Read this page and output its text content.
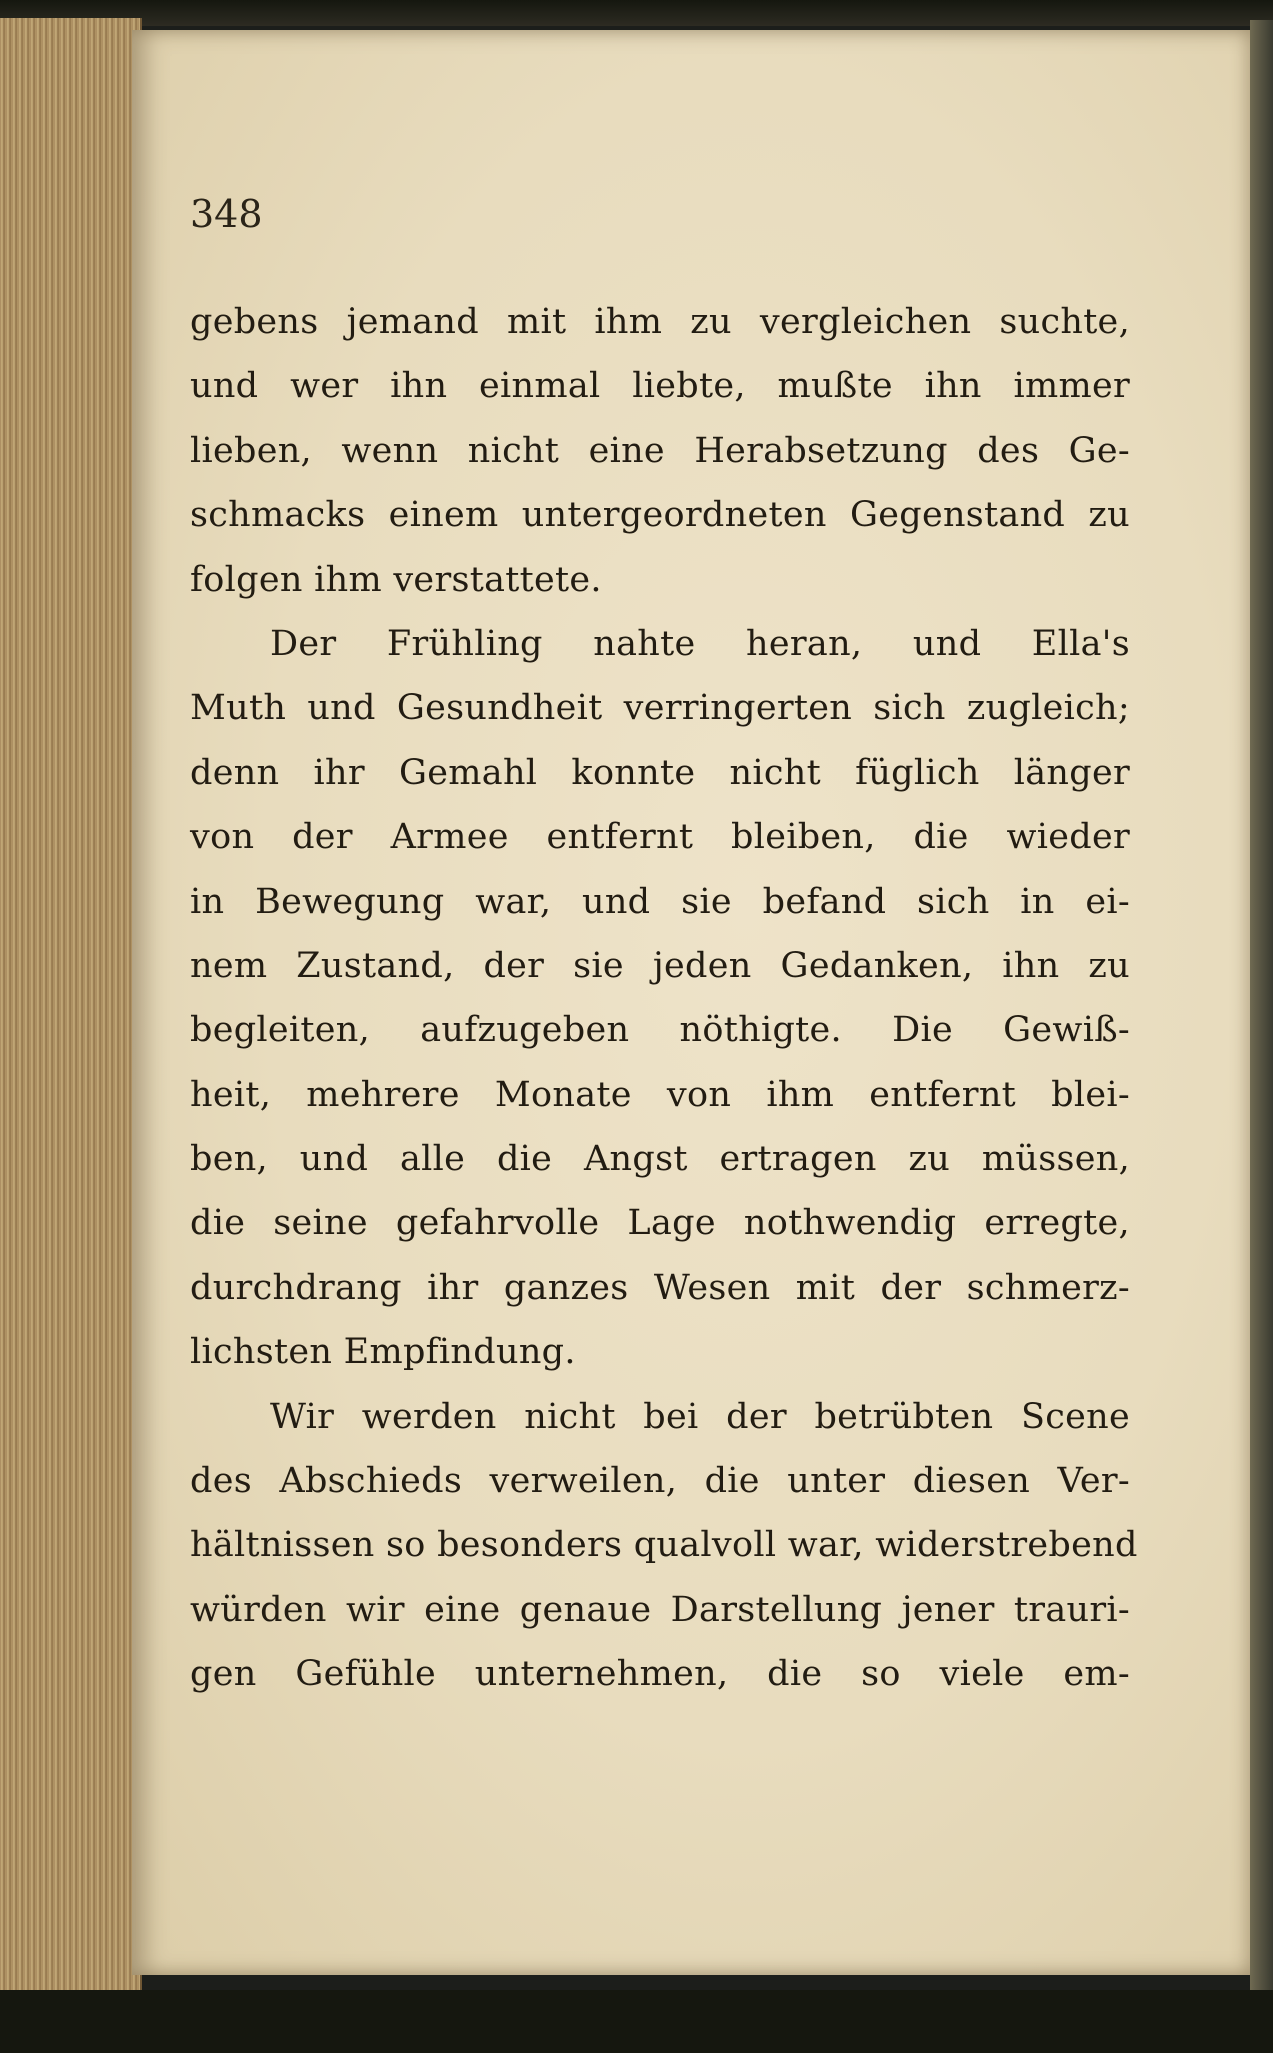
348
gebens jemand mit ihm zu vergleichen suchte,
und wer ihn einmal liebte, mußte ihn immer
lieben, wenn nicht eine Herabsetzung des Ge-
schmacks einem untergeordneten Gegenstand zu
folgen ihm verstattete.
Der Frühling nahte heran, und Ella's
Muth und Gesundheit verringerten sich zugleich;
denn ihr Gemahl konnte nicht füglich länger
von der Armee entfernt bleiben, die wieder
in Bewegung war, und sie befand sich in ei-
nem Zustand, der sie jeden Gedanken, ihn zu
begleiten, aufzugeben nöthigte. Die Gewiß-
heit, mehrere Monate von ihm entfernt blei-
ben, und alle die Angst ertragen zu müssen,
die seine gefahrvolle Lage nothwendig erregte,
durchdrang ihr ganzes Wesen mit der schmerz-
lichsten Empfindung.
Wir werden nicht bei der betrübten Scene
des Abschieds verweilen, die unter diesen Ver-
hältnissen so besonders qualvoll war, widerstrebend
würden wir eine genaue Darstellung jener trauri-
gen Gefühle unternehmen, die so viele em-
